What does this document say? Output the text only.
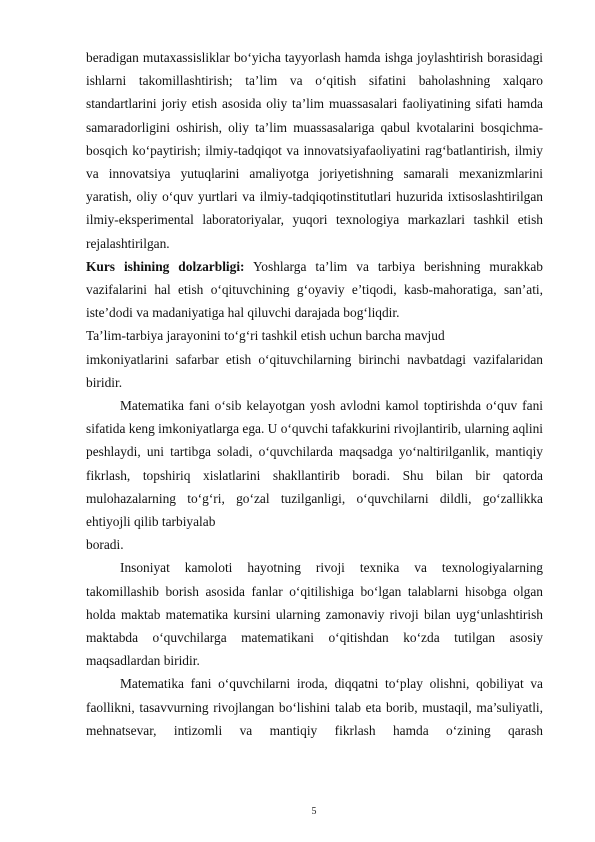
beradigan mutaxassisliklar bo‘yicha tayyorlash hamda ishga joylashtirish borasidagi ishlarni takomillashtirish; ta’lim va o‘qitish sifatini baholashning xalqaro standartlarini joriy etish asosida oliy ta’lim muassasalari faoliyatining sifati hamda samaradorligini oshirish, oliy ta’lim muassasalariga qabul kvotalarini bosqichma-bosqich ko‘paytirish; ilmiy-tadqiqot va innovatsiyafaoliyatini rag‘batlantirish, ilmiy va innovatsiya yutuqlarini amaliyotga joriyetishning samarali mexanizmlarini yaratish, oliy o‘quv yurtlari va ilmiy-tadqiqotinstitutlari huzurida ixtisoslashtirilgan ilmiy-eksperimental laboratoriyalar, yuqori texnologiya markazlari tashkil etish rejalashtirilgan.

Kurs ishining dolzarbligi: Yoshlarga ta’lim va tarbiya berishning murakkab vazifalarini hal etish o‘qituvchining g‘oyaviy e’tiqodi, kasb-mahoratiga, san’ati, iste’dodi va madaniyatiga hal qiluvchi darajada bog‘liqdir.

Ta’lim-tarbiya jarayonini to‘g‘ri tashkil etish uchun barcha mavjud

imkoniyatlarini safarbar etish o‘qituvchilarning birinchi navbatdagi vazifalaridan biridir.

Matematika fani o‘sib kelayotgan yosh avlodni kamol toptirishda o‘quv fani sifatida keng imkoniyatlarga ega. U o‘quvchi tafakkurini rivojlantirib, ularning aqlini peshlaydi, uni tartibga soladi, o‘quvchilarda maqsadga yo‘naltirilganlik, mantiqiy fikrlash, topshiriq xislatlarini shakllantirib boradi. Shu bilan bir qatorda mulohazalarning to‘g‘ri, go‘zal tuzilganligi, o‘quvchilarni dildli, go‘zallikka ehtiyojli qilib tarbiyalab

boradi.

Insoniyat kamoloti hayotning rivoji texnika va texnologiyalarning takomillashib borish asosida fanlar o‘qitilishiga bo‘lgan talablarni hisobga olgan holda maktab matematika kursini ularning zamonaviy rivoji bilan uyg‘unlashtirish maktabda o‘quvchilarga matematikani o‘qitishdan ko‘zda tutilgan asosiy maqsadlardan biridir.

Matematika fani o‘quvchilarni iroda, diqqatni to‘play olishni, qobiliyat va faollikni, tasavvurning rivojlangan bo‘lishini talab eta borib, mustaqil, ma’suliyatli, mehnatsevar, intizomli va mantiqiy fikrlash hamda o‘zining qarash

5
